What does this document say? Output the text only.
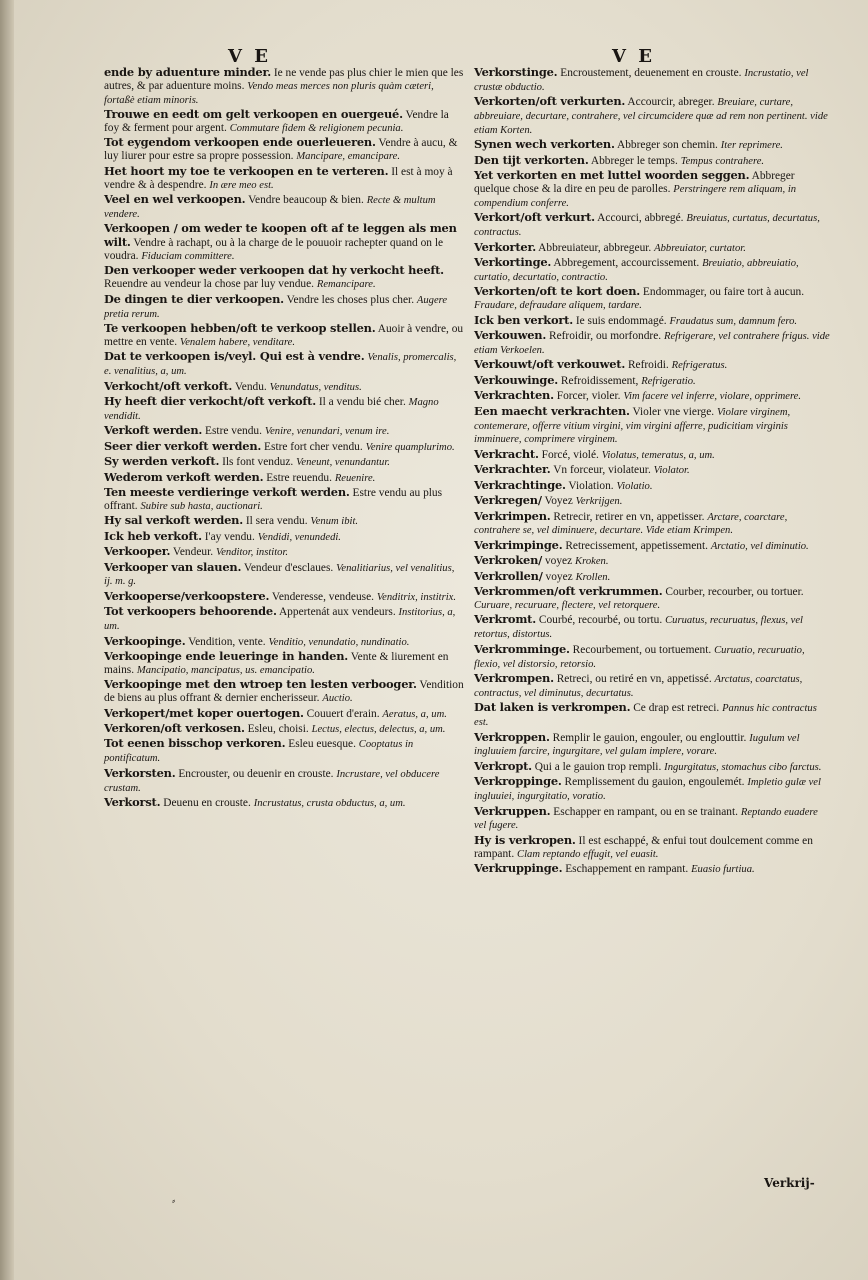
V E	V E
ende by aduenture minder. Ie ne vende pas plus chier le mien que les autres, & par aduenture moins. Vendo meas merces non pluris quàm cæteri, fortaßè etiam minoris.
Trouwe en eedt om gelt verkoopen en ouergeué. Vendre la foy & ferment pour argent. Commutare fidem & religionem pecunia.
Tot eygendom verkoopen ende ouerleueren. Vendre à aucu, & luy liurer pour estre sa propre possession. Mancipare, emancipare.
Het hoort my toe te verkoopen en te verteren. Il est à moy à vendre & à despendre. In ære meo est.
Veel en wel verkoopen. Vendre beaucoup & bien. Recte & multum vendere.
Verkoopen / om weder te koopen oft af te leggen als men wilt. Vendre à rachapt, ou à la charge de le pouuoir rachepter quand on le voudra. Fiduciam committere.
Den verkooper weder verkoopen dat hy verkocht heeft. Reuendre au vendeur la chose par luy vendue. Remancipare.
De dingen te dier verkoopen. Vendre les choses plus cher. Augere pretia rerum.
Te verkoopen hebben/oft te verkoop stellen. Auoir à vendre, ou mettre en vente. Venalem habere, venditare.
Dat te verkoopen is/veyl. Qui est à vendre. Venalis, promercalis, e. venalitius, a, um.
Verkocht/oft verkoft. Vendu. Venundatus, venditus.
Hy heeft dier verkocht/oft verkoft. Il a vendu bié cher. Magno vendidit.
Verkoft werden. Estre vendu. Venire, venundari, venum ire.
Seer dier verkoft werden. Estre fort cher vendu. Venire quamplurimo.
Sy werden verkoft. Ils font venduz. Veneunt, venundantur.
Wederom verkoft werden. Estre reuendu. Reuenire.
Ten meeste verdieringe verkoft werden. Estre vendu au plus offrant. Subire sub hasta, auctionari.
Hy sal verkoft werden. Il sera vendu. Venum ibit.
Ick heb verkoft. I'ay vendu. Vendidi, venundedi.
Verkooper. Vendeur. Venditor, institor.
Verkooper van slauen. Vendeur d'esclaues. Venalitiarius, vel venalitius, ij. m. g.
Verkooperse/verkoopstere. Venderesse, vendeuse. Venditrix, institrix.
Tot verkoopers behoorende. Appertenát aux vendeurs. Institorius, a, um.
Verkoopinge. Vendition, vente. Venditio, venundatio, nundinatio.
Verkoopinge ende leueringe in handen. Vente & liurement en mains. Mancipatio, mancipatus, us. emancipatio.
Verkoopinge met den wtroep ten lesten verbooger. Vendition de biens au plus offrant & dernier encherisseur. Auctio.
Verkopert/met koper ouertogen. Couuert d'erain. Aeratus, a, um.
Verkoren/oft verkosen. Esleu, choisi. Lectus, electus, delectus, a, um.
Tot eenen bisschop verkoren. Esleu euesque. Cooptatus in pontificatum.
Verkorsten. Encrouster, ou deuenir en crouste. Incrustare, vel obducere crustam.
Verkorst. Deuenu en crouste. Incrustatus, crusta obductus, a, um.
Verkorstinge. Encroustement, deuenement en crouste. Incrustatio, vel crustæ obductio.
Verkorten/oft verkurten. Accourcir, abreger. Breuiare, curtare, abbreuiare, decurtare, contrahere, vel circumcidere quæ ad rem non pertinent. vide etiam Korten.
Synen wech verkorten. Abbreger son chemin. Iter reprimere.
Den tijt verkorten. Abbreger le temps. Tempus contrahere.
Yet verkorten en met luttel woorden seggen. Abbreger quelque chose & la dire en peu de parolles. Perstringere rem aliquam, in compendium conferre.
Verkort/oft verkurt. Accourci, abbregé. Breuiatus, curtatus, decurtatus, contractus.
Verkorter. Abbreuiateur, abbregeur. Abbreuiator, curtator.
Verkortinge. Abbregement, accourcissement. Breuiatio, abbreuiatio, curtatio, decurtatio, contractio.
Verkorten/oft te kort doen. Endommager, ou faire tort à aucun. Fraudare, defraudare aliquem, tardare.
Ick ben verkort. Ie suis endommagé. Fraudatus sum, damnum fero.
Verkouwen. Refroidir, ou morfondre. Refrigerare, vel contrahere frigus. vide etiam Verkoelen.
Verkouwt/oft verkouwet. Refroidi. Refrigeratus.
Verkouwinge. Refroidissement, Refrigeratio.
Verkrachten. Forcer, violer. Vim facere vel inferre, violare, opprimere.
Een maecht verkrachten. Violer vne vierge. Violare virginem, contemerare, offerre vitium virgini, vim virgini afferre, pudicitiam virginis imminuere, comprimere virginem.
Verkracht. Forcé, violé. Violatus, temeratus, a, um.
Verkrachter. Vn forceur, violateur. Violator.
Verkrachtinge. Violation. Violatio.
Verkregen/ Voyez Verkrijgen.
Verkrimpen. Retrecir, retirer en vn, appetisser. Arctare, coarctare, contrahere se, vel diminuere, decurtare. Vide etiam Krimpen.
Verkrimpinge. Retrecissement, appetissement. Arctatio, vel diminutio.
Verkroken/ voyez Kroken.
Verkrollen/ voyez Krollen.
Verkrommen/oft verkrummen. Courber, recourber, ou tortuer. Curuare, recuruare, flectere, vel retorquere.
Verkromt. Courbé, recourbé, ou tortu. Curuatus, recuruatus, flexus, vel retortus, distortus.
Verkromminge. Recourbement, ou tortuement. Curuatio, recuruatio, flexio, vel distorsio, retorsio.
Verkrompen. Retreci, ou retiré en vn, appetissé. Arctatus, coarctatus, contractus, vel diminutus, decurtatus.
Dat laken is verkrompen. Ce drap est retreci. Pannus hic contractus est.
Verkroppen. Remplir le gauion, engouler, ou englouttir. Iugulum vel ingluuiem farcire, ingurgitare, vel gulam implere, vorare.
Verkropt. Qui a le gauion trop rempli. Ingurgitatus, stomachus cibo farctus.
Verkroppinge. Remplissement du gauion, engoulemét. Impletio gulæ vel ingluuiei, ingurgitatio, voratio.
Verkruppen. Eschapper en rampant, ou en se trainant. Reptando euadere vel fugere.
Hy is verkropen. Il est eschappé, & enfui tout doulcement comme en rampant. Clam reptando effugit, vel euasit.
Verkruppinge. Eschappement en rampant. Euasio furtiua.
Verkrij-
⸗
